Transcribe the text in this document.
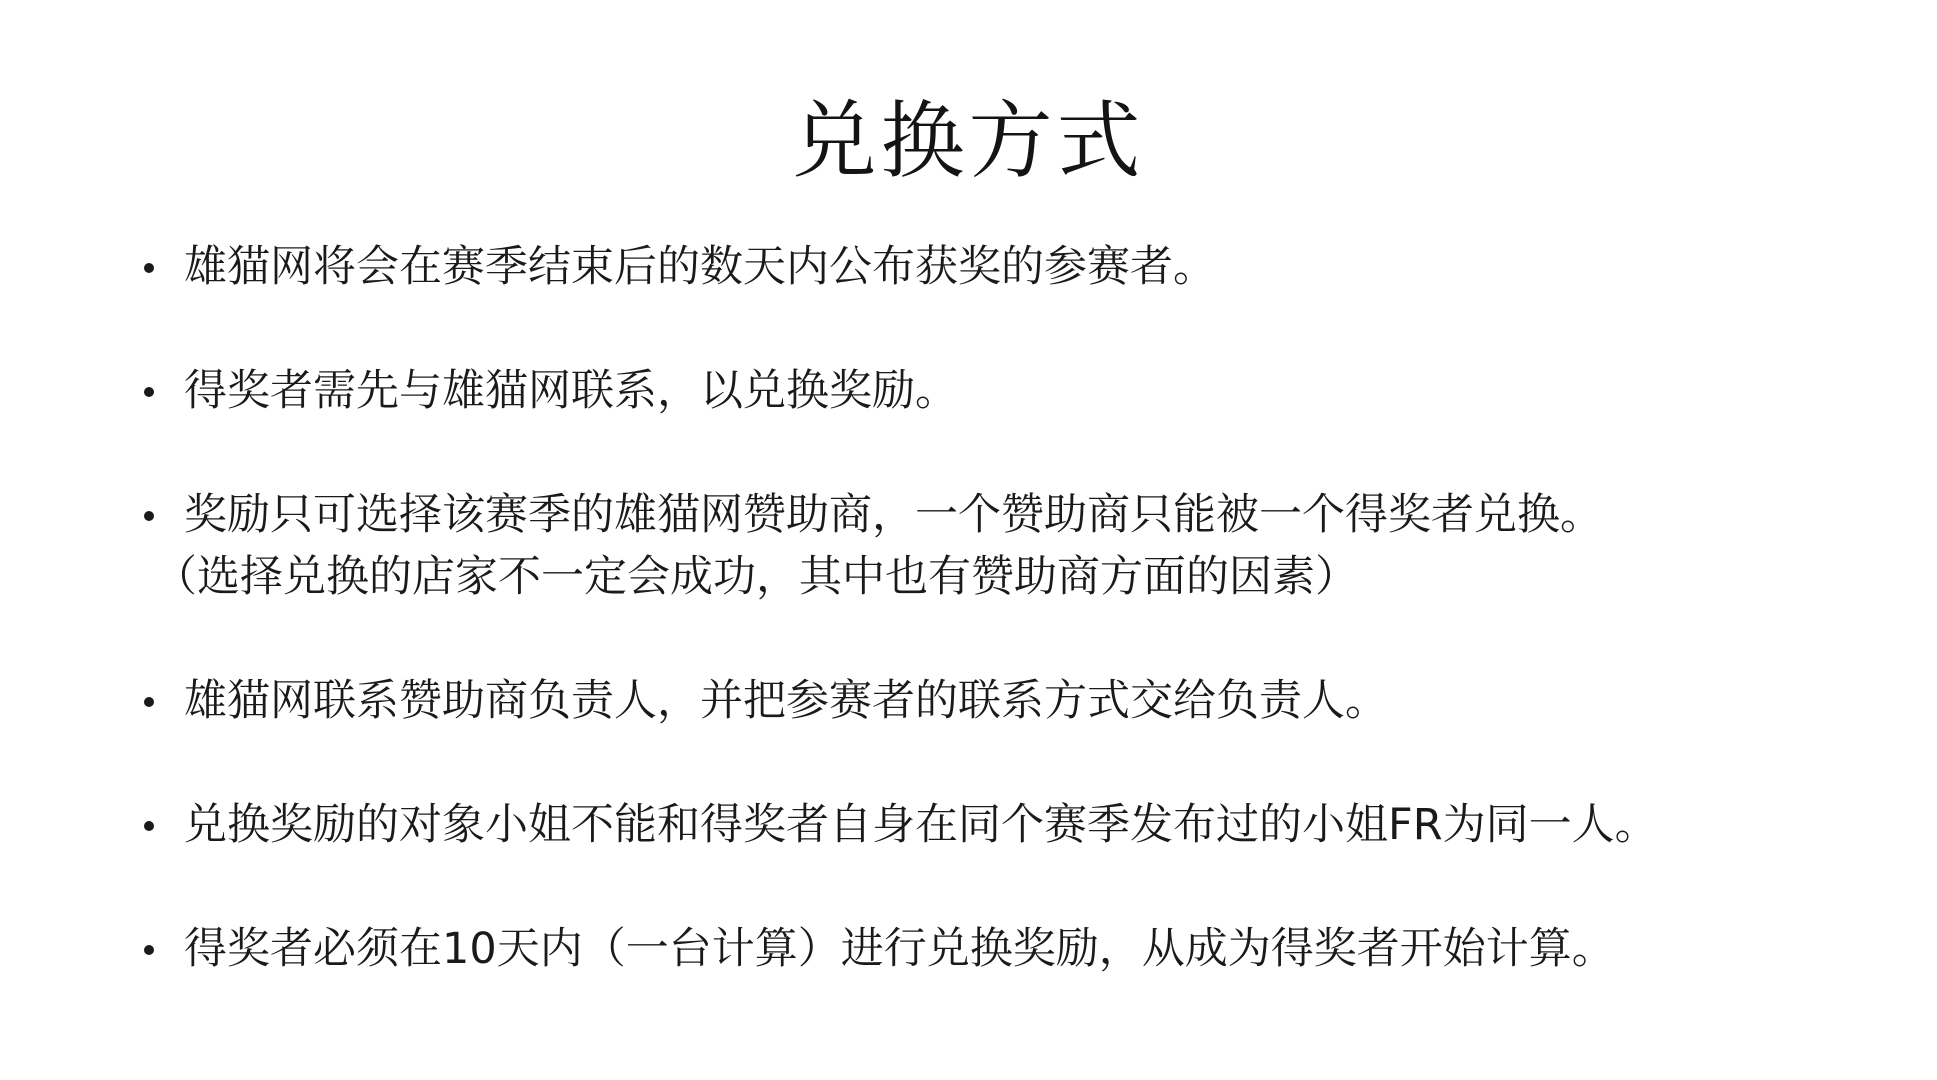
兑换方式
雄猫网将会在赛季结束后的数天内公布获奖的参赛者。
得奖者需先与雄猫网联系，以兑换奖励。
奖励只可选择该赛季的雄猫网赞助商，一个赞助商只能被一个得奖者兑换。
（选择兑换的店家不一定会成功，其中也有赞助商方面的因素）
雄猫网联系赞助商负责人，并把参赛者的联系方式交给负责人。
兑换奖励的对象小姐不能和得奖者自身在同个赛季发布过的小姐FR为同一人。
得奖者必须在10天内（一台计算）进行兑换奖励，从成为得奖者开始计算。
